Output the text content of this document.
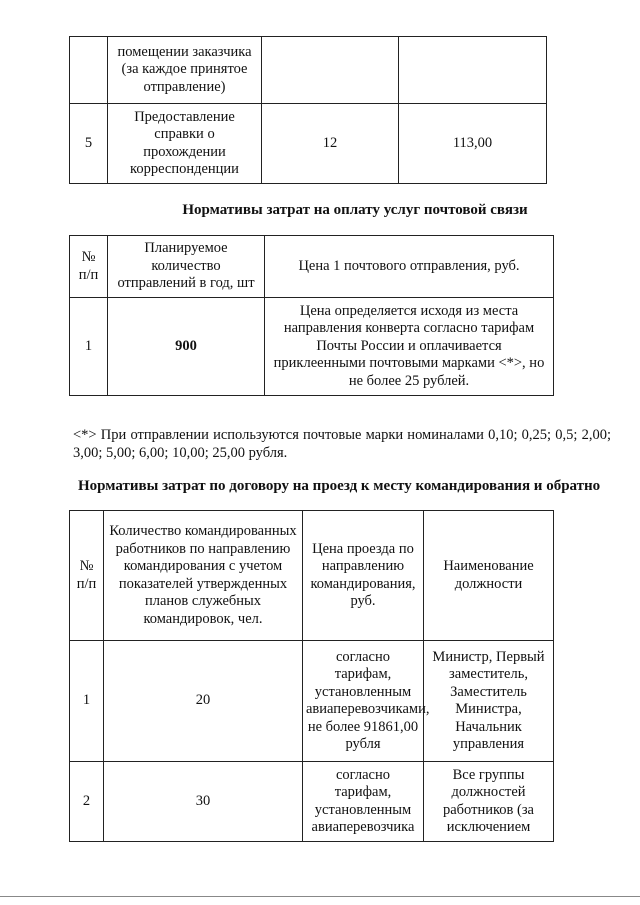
	помещении заказчика (за каждое принятое отправление)		
5	Предоставление справки о прохождении корреспонденции	12	113,00
Нормативы затрат на оплату услуг почтовой связи
№ п/п	Планируемое количество отправлений в год, шт	Цена 1 почтового отправления, руб.
1	900	Цена определяется исходя из места направления конверта согласно тарифам Почты России и оплачивается приклеенными почтовыми марками <*>, но не более 25 рублей.
<*> При отправлении используются почтовые марки номиналами 0,10; 0,25; 0,5; 2,00; 3,00; 5,00; 6,00; 10,00; 25,00 рубля.
Нормативы затрат по договору на проезд к месту командирования и обратно
№ п/п	Количество командированных работников по направлению командирования с учетом показателей утвержденных планов служебных командировок, чел.	Цена проезда по направлению командирования, руб.	Наименование должности
1	20	согласно тарифам, установленным авиаперевозчиками, не более 91861,00 рубля	Министр, Первый заместитель, Заместитель Министра, Начальник управления
2	30	согласно тарифам, установленным авиаперевозчика	Все группы должностей работников (за исключением
